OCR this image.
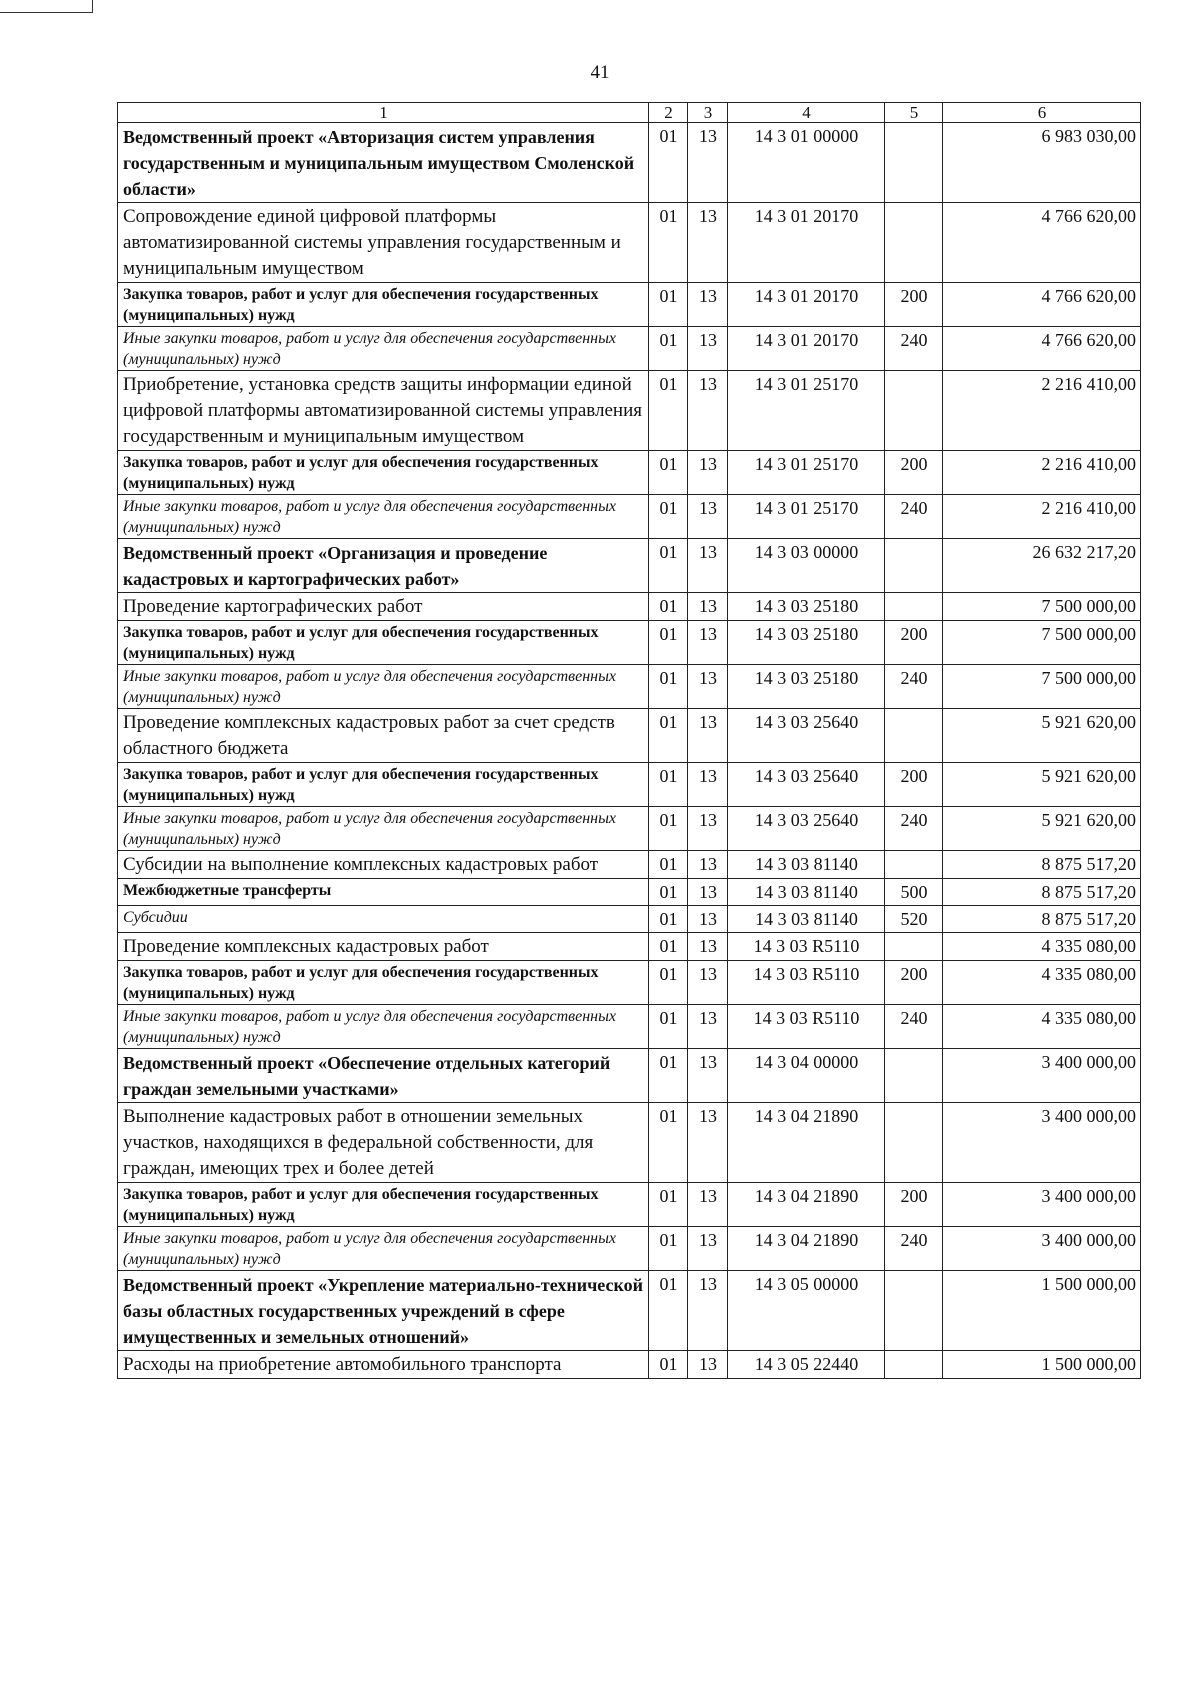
41
1	2	3	4	5	6
Ведомственный проект «Авторизация систем управления государственным и муниципальным имуществом Смоленской области»	01	13	14 3 01 00000		6 983 030,00
Сопровождение единой цифровой платформы автоматизированной системы управления государственным и муниципальным имуществом	01	13	14 3 01 20170		4 766 620,00
Закупка товаров, работ и услуг для обеспечения государственных (муниципальных) нужд	01	13	14 3 01 20170	200	4 766 620,00
Иные закупки товаров, работ и услуг для обеспечения государственных (муниципальных) нужд	01	13	14 3 01 20170	240	4 766 620,00
Приобретение, установка средств защиты информации единой цифровой платформы автоматизированной системы управления государственным и муниципальным имуществом	01	13	14 3 01 25170		2 216 410,00
Закупка товаров, работ и услуг для обеспечения государственных (муниципальных) нужд	01	13	14 3 01 25170	200	2 216 410,00
Иные закупки товаров, работ и услуг для обеспечения государственных (муниципальных) нужд	01	13	14 3 01 25170	240	2 216 410,00
Ведомственный проект «Организация и проведение кадастровых и картографических работ»	01	13	14 3 03 00000		26 632 217,20
Проведение картографических работ	01	13	14 3 03 25180		7 500 000,00
Закупка товаров, работ и услуг для обеспечения государственных (муниципальных) нужд	01	13	14 3 03 25180	200	7 500 000,00
Иные закупки товаров, работ и услуг для обеспечения государственных (муниципальных) нужд	01	13	14 3 03 25180	240	7 500 000,00
Проведение комплексных кадастровых работ за счет средств областного бюджета	01	13	14 3 03 25640		5 921 620,00
Закупка товаров, работ и услуг для обеспечения государственных (муниципальных) нужд	01	13	14 3 03 25640	200	5 921 620,00
Иные закупки товаров, работ и услуг для обеспечения государственных (муниципальных) нужд	01	13	14 3 03 25640	240	5 921 620,00
Субсидии на выполнение комплексных кадастровых работ	01	13	14 3 03 81140		8 875 517,20
Межбюджетные трансферты	01	13	14 3 03 81140	500	8 875 517,20
Субсидии	01	13	14 3 03 81140	520	8 875 517,20
Проведение комплексных кадастровых работ	01	13	14 3 03 R5110		4 335 080,00
Закупка товаров, работ и услуг для обеспечения государственных (муниципальных) нужд	01	13	14 3 03 R5110	200	4 335 080,00
Иные закупки товаров, работ и услуг для обеспечения государственных (муниципальных) нужд	01	13	14 3 03 R5110	240	4 335 080,00
Ведомственный проект «Обеспечение отдельных категорий граждан земельными участками»	01	13	14 3 04 00000		3 400 000,00
Выполнение кадастровых работ в отношении земельных участков, находящихся в федеральной собственности, для граждан, имеющих трех и более детей	01	13	14 3 04 21890		3 400 000,00
Закупка товаров, работ и услуг для обеспечения государственных (муниципальных) нужд	01	13	14 3 04 21890	200	3 400 000,00
Иные закупки товаров, работ и услуг для обеспечения государственных (муниципальных) нужд	01	13	14 3 04 21890	240	3 400 000,00
Ведомственный проект «Укрепление материально-технической базы областных государственных учреждений в сфере имущественных и земельных отношений»	01	13	14 3 05 00000		1 500 000,00
Расходы на приобретение автомобильного транспорта	01	13	14 3 05 22440		1 500 000,00
